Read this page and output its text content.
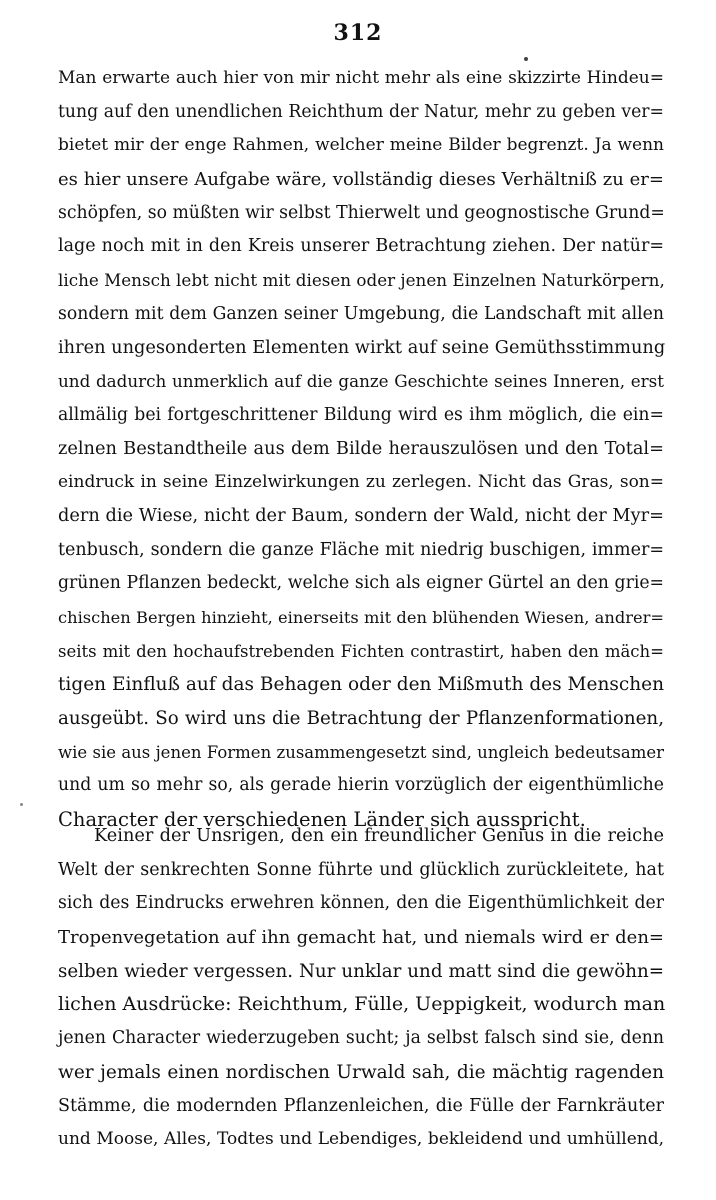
312
Man erwarte auch hier von mir nicht mehr als eine skizzirte Hindeu=
tung auf den unendlichen Reichthum der Natur, mehr zu geben ver=
bietet mir der enge Rahmen, welcher meine Bilder begrenzt. Ja wenn
es hier unsere Aufgabe wäre, vollständig dieses Verhältniß zu er=
schöpfen, so müßten wir selbst Thierwelt und geognostische Grund=
lage noch mit in den Kreis unserer Betrachtung ziehen. Der natür=
liche Mensch lebt nicht mit diesen oder jenen Einzelnen Naturkörpern,
sondern mit dem Ganzen seiner Umgebung, die Landschaft mit allen
ihren ungesonderten Elementen wirkt auf seine Gemüthsstimmung
und dadurch unmerklich auf die ganze Geschichte seines Inneren, erst
allmälig bei fortgeschrittener Bildung wird es ihm möglich, die ein=
zelnen Bestandtheile aus dem Bilde herauszulösen und den Total=
eindruck in seine Einzelwirkungen zu zerlegen. Nicht das Gras, son=
dern die Wiese, nicht der Baum, sondern der Wald, nicht der Myr=
tenbusch, sondern die ganze Fläche mit niedrig buschigen, immer=
grünen Pflanzen bedeckt, welche sich als eigner Gürtel an den grie=
chischen Bergen hinzieht, einerseits mit den blühenden Wiesen, andrer=
seits mit den hochaufstrebenden Fichten contrastirt, haben den mäch=
tigen Einfluß auf das Behagen oder den Mißmuth des Menschen
ausgeübt. So wird uns die Betrachtung der Pflanzenformationen,
wie sie aus jenen Formen zusammengesetzt sind, ungleich bedeutsamer
und um so mehr so, als gerade hierin vorzüglich der eigenthümliche
Character der verschiedenen Länder sich ausspricht.
Keiner der Unsrigen, den ein freundlicher Genius in die reiche
Welt der senkrechten Sonne führte und glücklich zurückleitete, hat
sich des Eindrucks erwehren können, den die Eigenthümlichkeit der
Tropenvegetation auf ihn gemacht hat, und niemals wird er den=
selben wieder vergessen. Nur unklar und matt sind die gewöhn=
lichen Ausdrücke: Reichthum, Fülle, Ueppigkeit, wodurch man
jenen Character wiederzugeben sucht; ja selbst falsch sind sie, denn
wer jemals einen nordischen Urwald sah, die mächtig ragenden
Stämme, die modernden Pflanzenleichen, die Fülle der Farnkräuter
und Moose, Alles, Todtes und Lebendiges, bekleidend und umhüllend,
